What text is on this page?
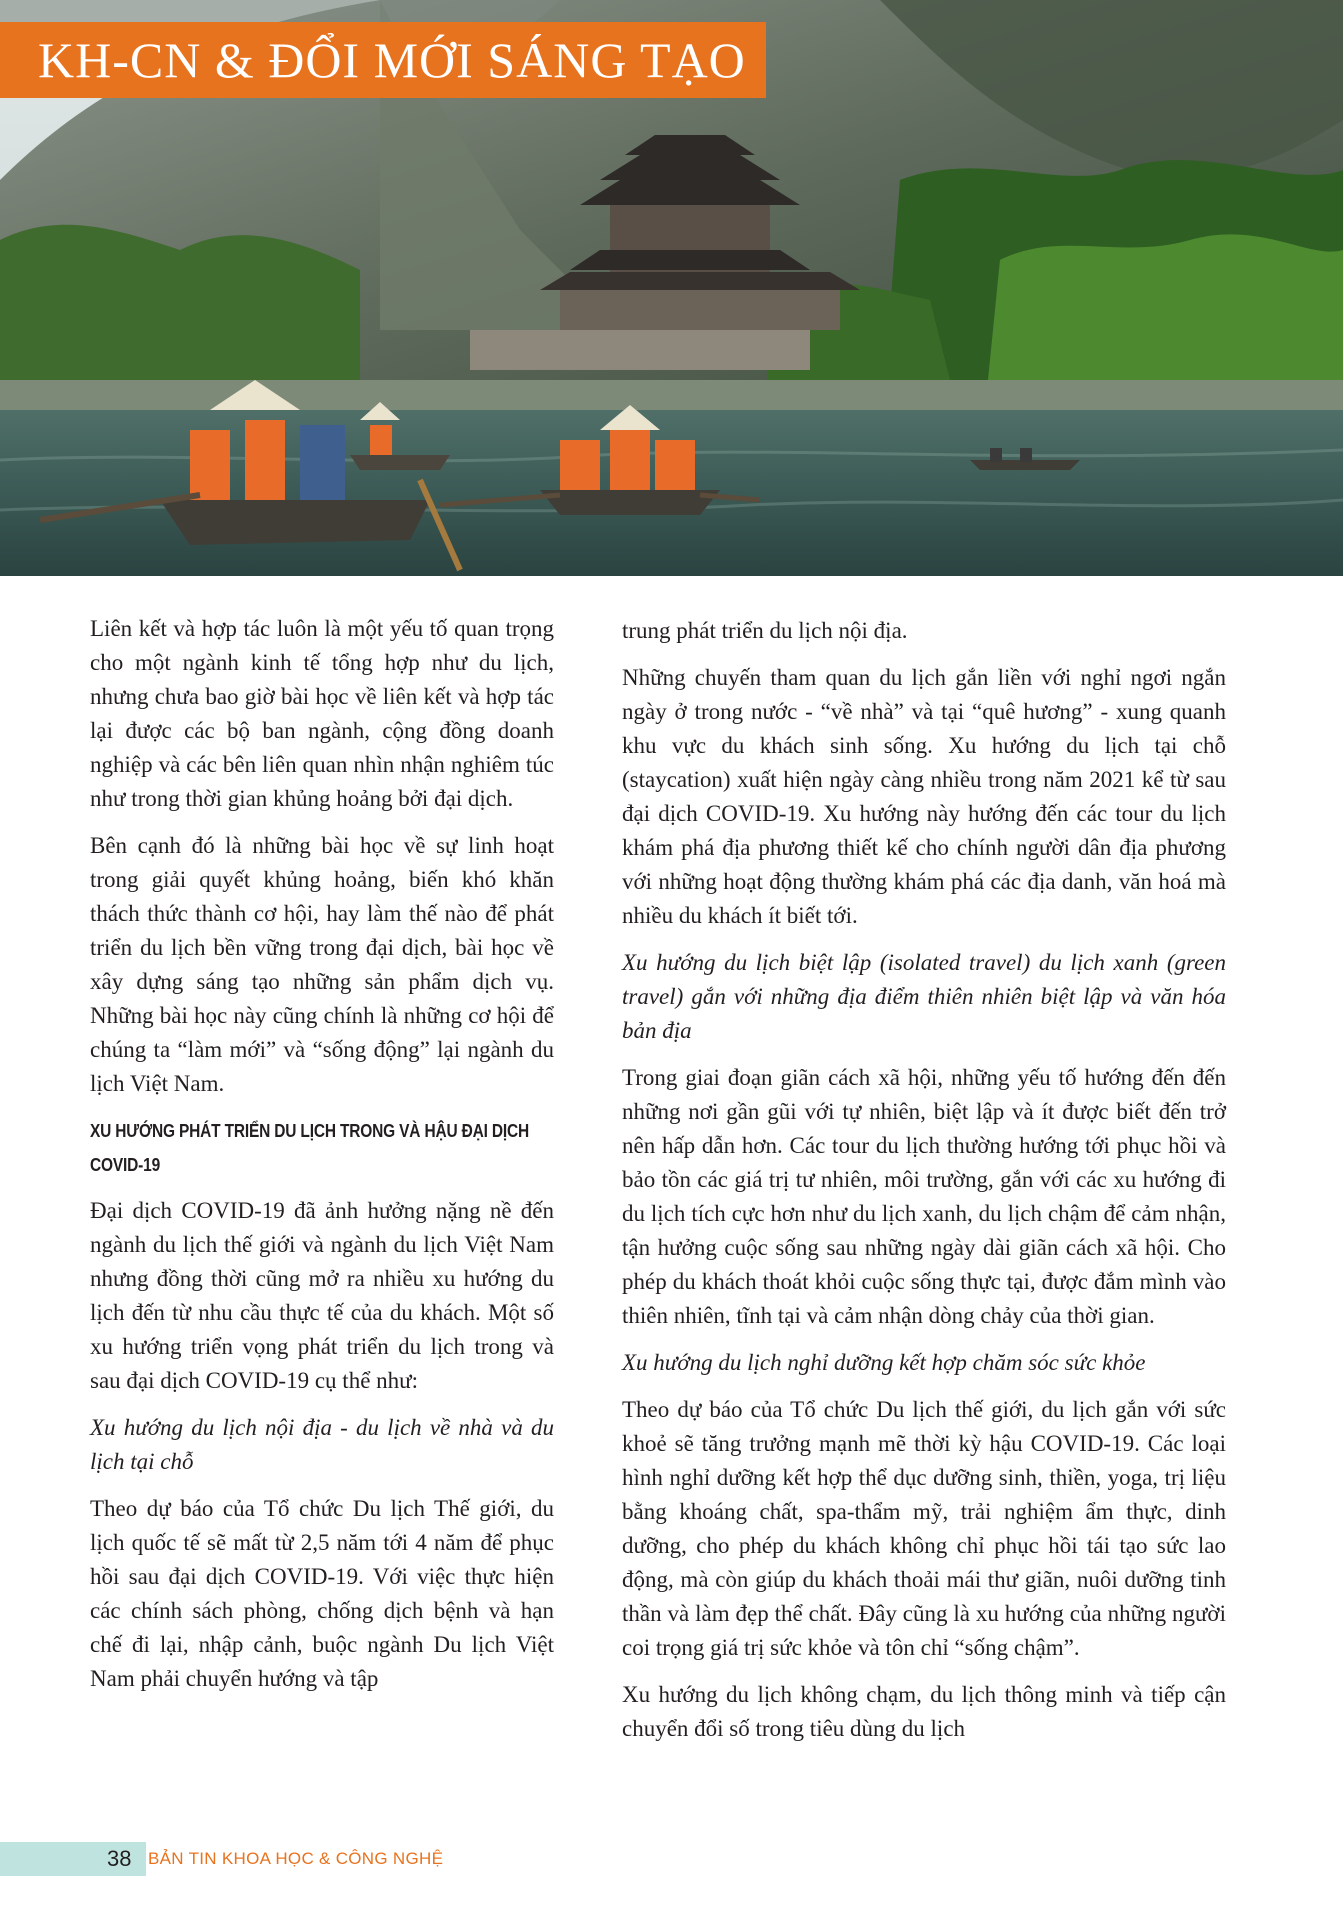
KH-CN & ĐỔI MỚI SÁNG TẠO

Liên kết và hợp tác luôn là một yếu tố quan trọng cho một ngành kinh tế tổng hợp như du lịch, nhưng chưa bao giờ bài học về liên kết và hợp tác lại được các bộ ban ngành, cộng đồng doanh nghiệp và các bên liên quan nhìn nhận nghiêm túc như trong thời gian khủng hoảng bởi đại dịch.

Bên cạnh đó là những bài học về sự linh hoạt trong giải quyết khủng hoảng, biến khó khăn thách thức thành cơ hội, hay làm thế nào để phát triển du lịch bền vững trong đại dịch, bài học về xây dựng sáng tạo những sản phẩm dịch vụ. Những bài học này cũng chính là những cơ hội để chúng ta “làm mới” và “sống động” lại ngành du lịch Việt Nam.

XU HƯỚNG PHÁT TRIỂN DU LỊCH TRONG VÀ HẬU ĐẠI DỊCH COVID-19

Đại dịch COVID-19 đã ảnh hưởng nặng nề đến ngành du lịch thế giới và ngành du lịch Việt Nam nhưng đồng thời cũng mở ra nhiều xu hướng du lịch đến từ nhu cầu thực tế của du khách. Một số xu hướng triển vọng phát triển du lịch trong và sau đại dịch COVID-19 cụ thể như:

Xu hướng du lịch nội địa - du lịch về nhà và du lịch tại chỗ

Theo dự báo của Tổ chức Du lịch Thế giới, du lịch quốc tế sẽ mất từ 2,5 năm tới 4 năm để phục hồi sau đại dịch COVID-19. Với việc thực hiện các chính sách phòng, chống dịch bệnh và hạn chế đi lại, nhập cảnh, buộc ngành Du lịch Việt Nam phải chuyển hướng và tập

trung phát triển du lịch nội địa.

Những chuyến tham quan du lịch gắn liền với nghỉ ngơi ngắn ngày ở trong nước - “về nhà” và tại “quê hương” - xung quanh khu vực du khách sinh sống. Xu hướng du lịch tại chỗ (staycation) xuất hiện ngày càng nhiều trong năm 2021 kể từ sau đại dịch COVID-19. Xu hướng này hướng đến các tour du lịch khám phá địa phương thiết kế cho chính người dân địa phương với những hoạt động thường khám phá các địa danh, văn hoá mà nhiều du khách ít biết tới.

Xu hướng du lịch biệt lập (isolated travel) du lịch xanh (green travel) gắn với những địa điểm thiên nhiên biệt lập và văn hóa bản địa

Trong giai đoạn giãn cách xã hội, những yếu tố hướng đến đến những nơi gần gũi với tự nhiên, biệt lập và ít được biết đến trở nên hấp dẫn hơn. Các tour du lịch thường hướng tới phục hồi và bảo tồn các giá trị tư nhiên, môi trường, gắn với các xu hướng đi du lịch tích cực hơn như du lịch xanh, du lịch chậm để cảm nhận, tận hưởng cuộc sống sau những ngày dài giãn cách xã hội. Cho phép du khách thoát khỏi cuộc sống thực tại, được đắm mình vào thiên nhiên, tĩnh tại và cảm nhận dòng chảy của thời gian.

Xu hướng du lịch nghỉ dưỡng kết hợp chăm sóc sức khỏe

Theo dự báo của Tổ chức Du lịch thế giới, du lịch gắn với sức khoẻ sẽ tăng trưởng mạnh mẽ thời kỳ hậu COVID-19. Các loại hình nghỉ dưỡng kết hợp thể dục dưỡng sinh, thiền, yoga, trị liệu bằng khoáng chất, spa-thẩm mỹ, trải nghiệm ẩm thực, dinh dưỡng, cho phép du khách không chỉ phục hồi tái tạo sức lao động, mà còn giúp du khách thoải mái thư giãn, nuôi dưỡng tinh thần và làm đẹp thể chất. Đây cũng là xu hướng của những người coi trọng giá trị sức khỏe và tôn chỉ “sống chậm”.

Xu hướng du lịch không chạm, du lịch thông minh và tiếp cận chuyển đổi số trong tiêu dùng du lịch

38 BẢN TIN KHOA HỌC & CÔNG NGHỆ
